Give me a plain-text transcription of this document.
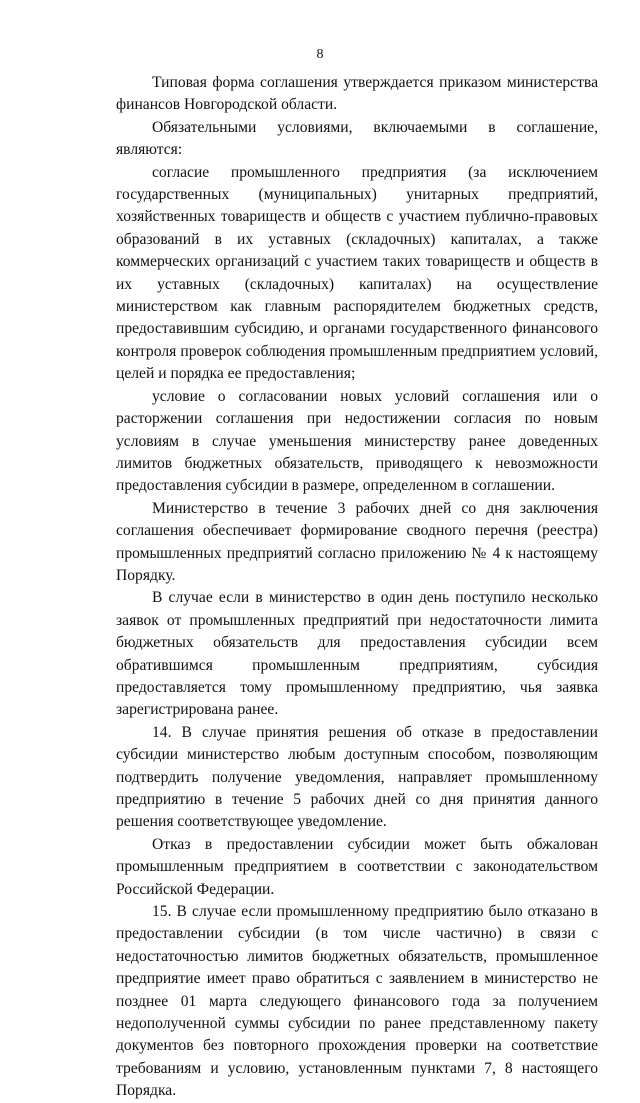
8

Типовая форма соглашения утверждается приказом министерства финансов Новгородской области.

Обязательными условиями, включаемыми в соглашение, являются:

согласие промышленного предприятия (за исключением государственных (муниципальных) унитарных предприятий, хозяйственных товариществ и обществ с участием публично-правовых образований в их уставных (складочных) капиталах, а также коммерческих организаций с участием таких товариществ и обществ в их уставных (складочных) капиталах) на осуществление министерством как главным распорядителем бюджетных средств, предоставившим субсидию, и органами государственного финансового контроля проверок соблюдения промышленным предприятием условий, целей и порядка ее предоставления;

условие о согласовании новых условий соглашения или о расторжении соглашения при недостижении согласия по новым условиям в случае уменьшения министерству ранее доведенных лимитов бюджетных обязательств, приводящего к невозможности предоставления субсидии в размере, определенном в соглашении.

Министерство в течение 3 рабочих дней со дня заключения соглашения обеспечивает формирование сводного перечня (реестра) промышленных предприятий согласно приложению № 4 к настоящему Порядку.

В случае если в министерство в один день поступило несколько заявок от промышленных предприятий при недостаточности лимита бюджетных обязательств для предоставления субсидии всем обратившимся промышленным предприятиям, субсидия предоставляется тому промышленному предприятию, чья заявка зарегистрирована ранее.

14. В случае принятия решения об отказе в предоставлении субсидии министерство любым доступным способом, позволяющим подтвердить получение уведомления, направляет промышленному предприятию в течение 5 рабочих дней со дня принятия данного решения соответствующее уведомление.

Отказ в предоставлении субсидии может быть обжалован промышленным предприятием в соответствии с законодательством Российской Федерации.

15. В случае если промышленному предприятию было отказано в предоставлении субсидии (в том числе частично) в связи с недостаточностью лимитов бюджетных обязательств, промышленное предприятие имеет право обратиться с заявлением в министерство не позднее 01 марта следующего финансового года за получением недополученной суммы субсидии по ранее представленному пакету документов без повторного прохождения проверки на соответствие требованиям и условию, установленным пунктами 7, 8 настоящего Порядка.
